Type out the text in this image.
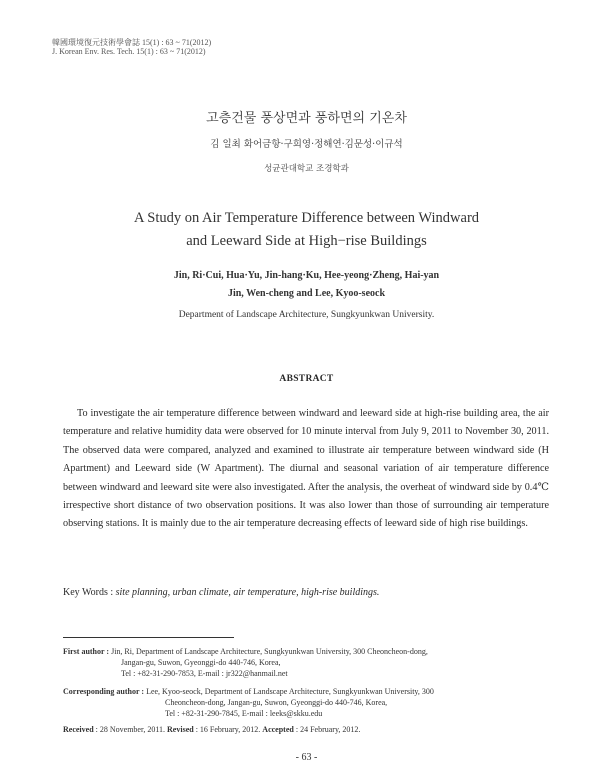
韓國環境復元技術學會誌 15(1) : 63 ~ 71(2012)
J. Korean Env. Res. Tech. 15(1) : 63 ~ 71(2012)
고층건물 풍상면과 풍하면의 기온차
김 일최 화어금항·구희영·정해연·김문성·이규석
성균관대학교 조경학과
A Study on Air Temperature Difference between Windward
and Leeward Side at High−rise Buildings
Jin, Ri·Cui, Hua·Yu, Jin-hang·Ku, Hee-yeong·Zheng, Hai-yan
Jin, Wen-cheng and Lee, Kyoo-seock
Department of Landscape Architecture, Sungkyunkwan University.
ABSTRACT
To investigate the air temperature difference between windward and leeward side at high-rise building area, the air temperature and relative humidity data were observed for 10 minute interval from July 9, 2011 to November 30, 2011. The observed data were compared, analyzed and examined to illustrate air temperature between windward side (H Apartment) and Leeward side (W Apartment). The diurnal and seasonal variation of air temperature difference between windward and leeward site were also investigated. After the analysis, the overheat of windward side by 0.4℃ irrespective short distance of two observation positions. It was also lower than those of surrounding air temperature observing stations. It is mainly due to the air temperature decreasing effects of leeward side of high rise buildings.
Key Words : site planning, urban climate, air temperature, high-rise buildings.
First author : Jin, Ri, Department of Landscape Architecture, Sungkyunkwan University, 300 Cheoncheon-dong,
Jangan-gu, Suwon, Gyeonggi-do 440-746, Korea,
Tel : +82-31-290-7853, E-mail : jr322@hanmail.net
Corresponding author : Lee, Kyoo-seock, Department of Landscape Architecture, Sungkyunkwan University, 300
Cheoncheon-dong, Jangan-gu, Suwon, Gyeonggi-do 440-746, Korea,
Tel : +82-31-290-7845, E-mail : leeks@skku.edu
Received : 28 November, 2011. Revised : 16 February, 2012. Accepted : 24 February, 2012.
- 63 -
